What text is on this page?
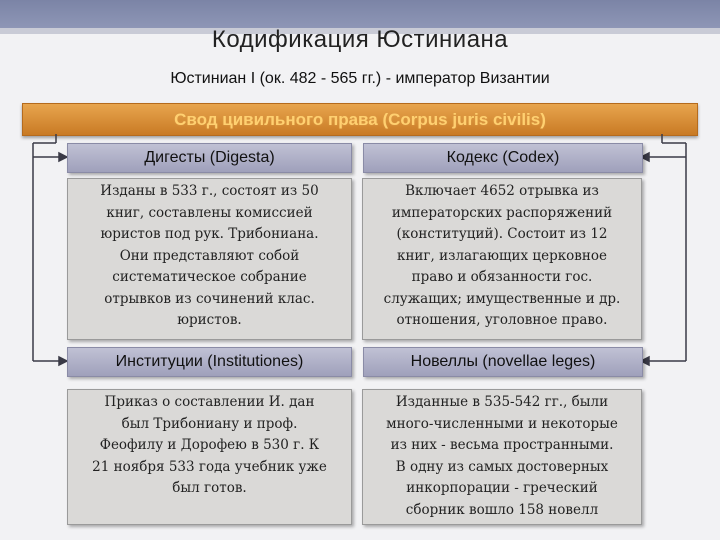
Кодификация Юстиниана
Юстиниан I (ок. 482 - 565 гг.) - император Византии
Свод цивильного права (Corpus juris civilis)
Дигесты (Digesta)	Кодекс (Codex)
Изданы в 533 г., состоят из 50
книг, составлены комиссией
юристов под рук. Трибониана.
Они представляют собой
систематическое собрание
отрывков из сочинений клас.
юристов.
Включает 4652 отрывка из
императорских распоряжений
(конституций). Состоит из 12
книг, излагающих церковное
право и обязанности гос.
служащих; имущественные и др.
отношения, уголовное право.
Институции (Institutiones)	Новеллы (novellae leges)
Приказ о составлении И. дан
был Трибониану и проф.
Феофилу и Дорофею в 530 г. К
21 ноября 533 года учебник уже
был готов.
Изданные в 535-542 гг., были
много-численными и некоторые
из них - весьма пространными.
В одну из самых достоверных
инкорпорации - греческий
сборник вошло 158 новелл
